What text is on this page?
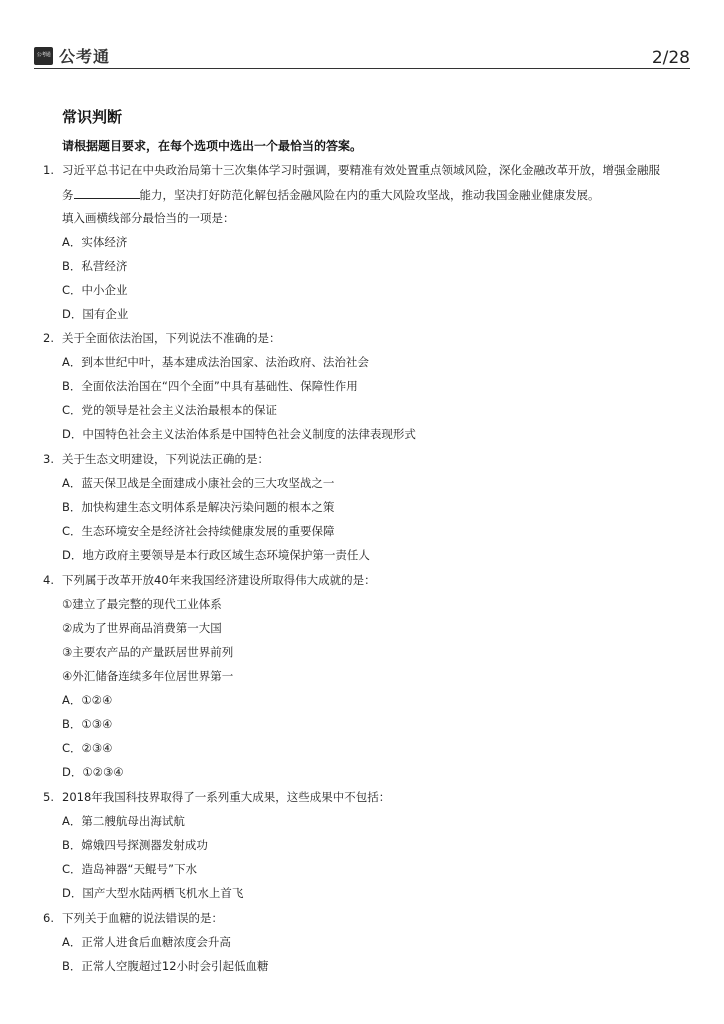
公考通 公考通	2/28
常识判断
请根据题目要求，在每个选项中选出一个最恰当的答案。
1. 习近平总书记在中央政治局第十三次集体学习时强调，要精准有效处置重点领域风险，深化金融改革开放，增强金融服
务	能力，坚决打好防范化解包括金融风险在内的重大风险攻坚战，推动我国金融业健康发展。
填入画横线部分最恰当的一项是：
A．实体经济
B．私营经济
C．中小企业
D．国有企业
2. 关于全面依法治国，下列说法不准确的是：
A．到本世纪中叶，基本建成法治国家、法治政府、法治社会
B．全面依法治国在“四个全面”中具有基础性、保障性作用
C．党的领导是社会主义法治最根本的保证
D．中国特色社会主义法治体系是中国特色社会义制度的法律表现形式
3. 关于生态文明建设，下列说法正确的是：
A．蓝天保卫战是全面建成小康社会的三大攻坚战之一
B．加快构建生态文明体系是解决污染问题的根本之策
C．生态环境安全是经济社会持续健康发展的重要保障
D．地方政府主要领导是本行政区域生态环境保护第一责任人
4. 下列属于改革开放40年来我国经济建设所取得伟大成就的是：
①建立了最完整的现代工业体系
②成为了世界商品消费第一大国
③主要农产品的产量跃居世界前列
④外汇储备连续多年位居世界第一
A．①②④
B．①③④
C．②③④
D．①②③④
5. 2018年我国科技界取得了一系列重大成果，这些成果中不包括：
A．第二艘航母出海试航
B．嫦娥四号探测器发射成功
C．造岛神器“天鲲号”下水
D．国产大型水陆两栖飞机水上首飞
6. 下列关于血糖的说法错误的是：
A．正常人进食后血糖浓度会升高
B．正常人空腹超过12小时会引起低血糖
